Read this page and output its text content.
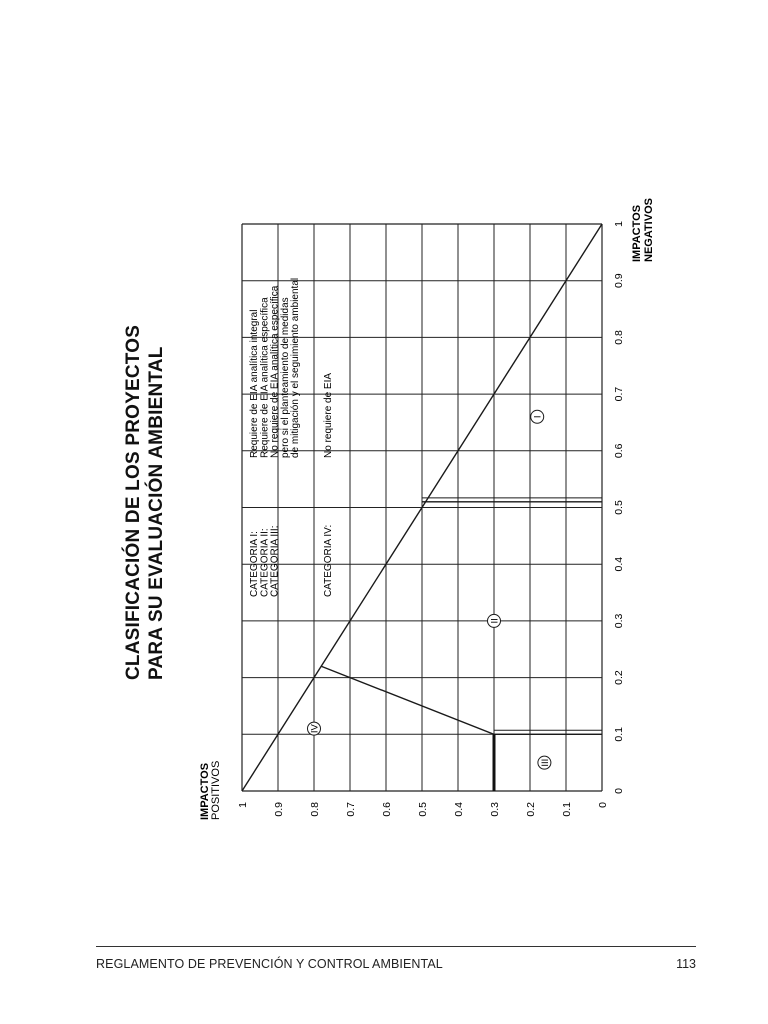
CLASIFICACIÓN DE LOS PROYECTOS PARA SU EVALUACIÓN AMBIENTAL
0
0.1
0.2
0.3
0.4
0.5
0.6
0.7
0.8
0.9
1
0
0.1
0.2
0.3
0.4
0.5
0.6
0.7
0.8
0.9
1
I
II
III
IV
CATEGORIA I:
Requiere de EIA analítica integral
CATEGORIA II:
Requiere de EIA analítica específica
CATEGORIA III:
No requiere de EIA analítica específica pero si el planteamiento de medidas de mitigación y el seguimiento ambiental
CATEGORIA IV:
No requiere de EIA
IMPACTOS POSITIVOS
IMPACTOS NEGATIVOS
REGLAMENTO DE PREVENCIÓN Y CONTROL AMBIENTAL	113
